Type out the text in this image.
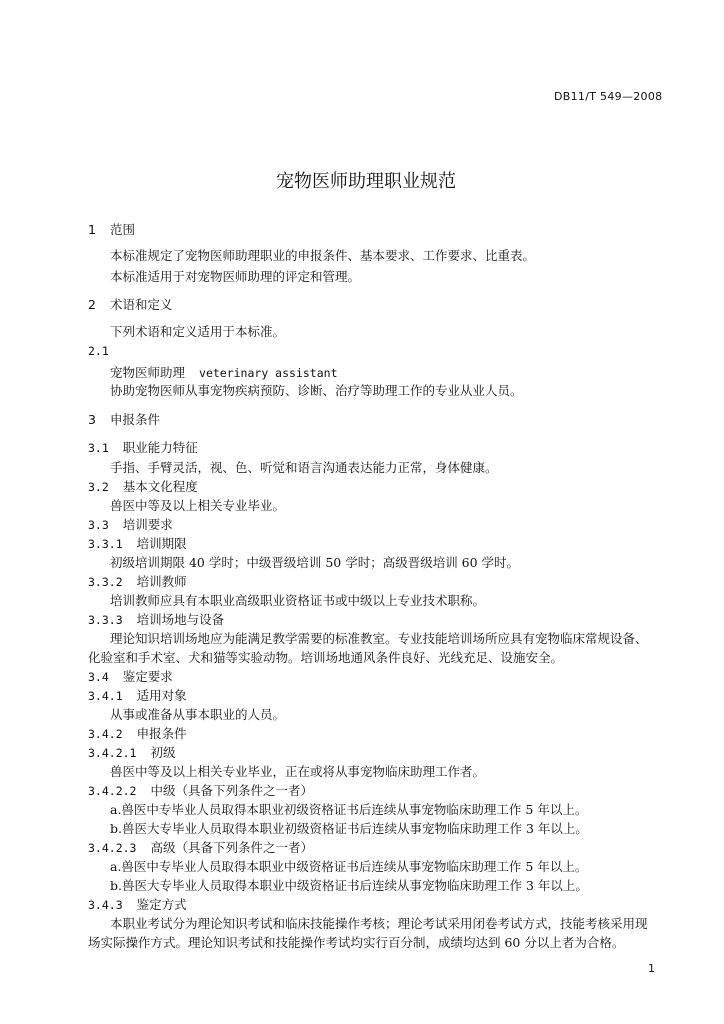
DB11/T 549—2008
宠物医师助理职业规范
1 范围
本标准规定了宠物医师助理职业的申报条件、基本要求、工作要求、比重表。
本标准适用于对宠物医师助理的评定和管理。
2 术语和定义
下列术语和定义适用于本标准。
2.1
宠物医师助理 veterinary assistant
协助宠物医师从事宠物疾病预防、诊断、治疗等助理工作的专业从业人员。
3 申报条件
3.1 职业能力特征
手指、手臂灵活，视、色、听觉和语言沟通表达能力正常，身体健康。
3.2 基本文化程度
兽医中等及以上相关专业毕业。
3.3 培训要求
3.3.1 培训期限
初级培训期限 40 学时；中级晋级培训 50 学时；高级晋级培训 60 学时。
3.3.2 培训教师
培训教师应具有本职业高级职业资格证书或中级以上专业技术职称。
3.3.3 培训场地与设备
理论知识培训场地应为能满足教学需要的标准教室。专业技能培训场所应具有宠物临床常规设备、
化验室和手术室、犬和猫等实验动物。培训场地通风条件良好、光线充足、设施安全。
3.4 鉴定要求
3.4.1 适用对象
从事或准备从事本职业的人员。
3.4.2 申报条件
3.4.2.1 初级
兽医中等及以上相关专业毕业，正在或将从事宠物临床助理工作者。
3.4.2.2 中级（具备下列条件之一者）
a.兽医中专毕业人员取得本职业初级资格证书后连续从事宠物临床助理工作 5 年以上。
b.兽医大专毕业人员取得本职业初级资格证书后连续从事宠物临床助理工作 3 年以上。
3.4.2.3 高级（具备下列条件之一者）
a.兽医中专毕业人员取得本职业中级资格证书后连续从事宠物临床助理工作 5 年以上。
b.兽医大专毕业人员取得本职业中级资格证书后连续从事宠物临床助理工作 3 年以上。
3.4.3 鉴定方式
本职业考试分为理论知识考试和临床技能操作考核；理论考试采用闭卷考试方式，技能考核采用现
场实际操作方式。理论知识考试和技能操作考试均实行百分制，成绩均达到 60 分以上者为合格。
1
